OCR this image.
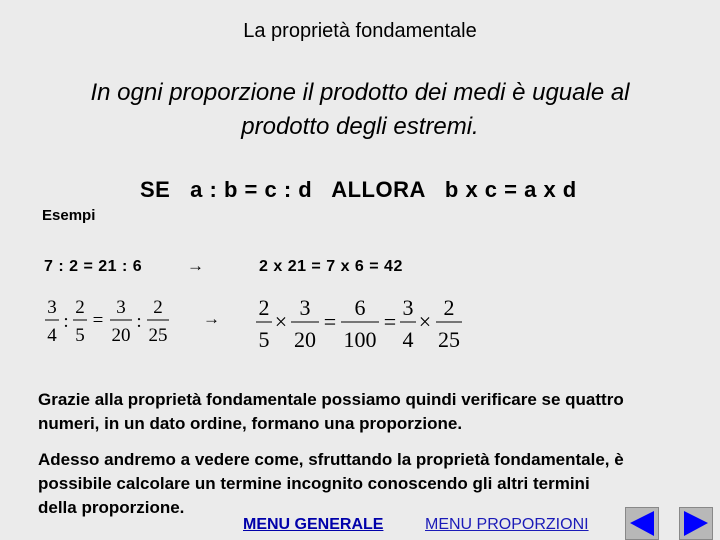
La proprietà fondamentale
In ogni proporzione il prodotto dei medi è uguale al
prodotto degli estremi.
SE   a : b = c : d   ALLORA   b x c = a x d
Esempi
7 : 2 = 21 : 6	→	2 x 21 = 7 x 6 = 42
3
4
:
2
5
=
3
20
:
2
25
→ 2
5
×
3
20
=
6
100
=
3
4
×
2
25
Grazie alla proprietà fondamentale possiamo quindi verificare se quattro numeri, in un dato ordine, formano una proporzione.
Adesso andremo a vedere come, sfruttando la proprietà fondamentale, è possibile calcolare un termine incognito conoscendo gli altri termini della proporzione.
MENU GENERALE	MENU PROPORZIONI
